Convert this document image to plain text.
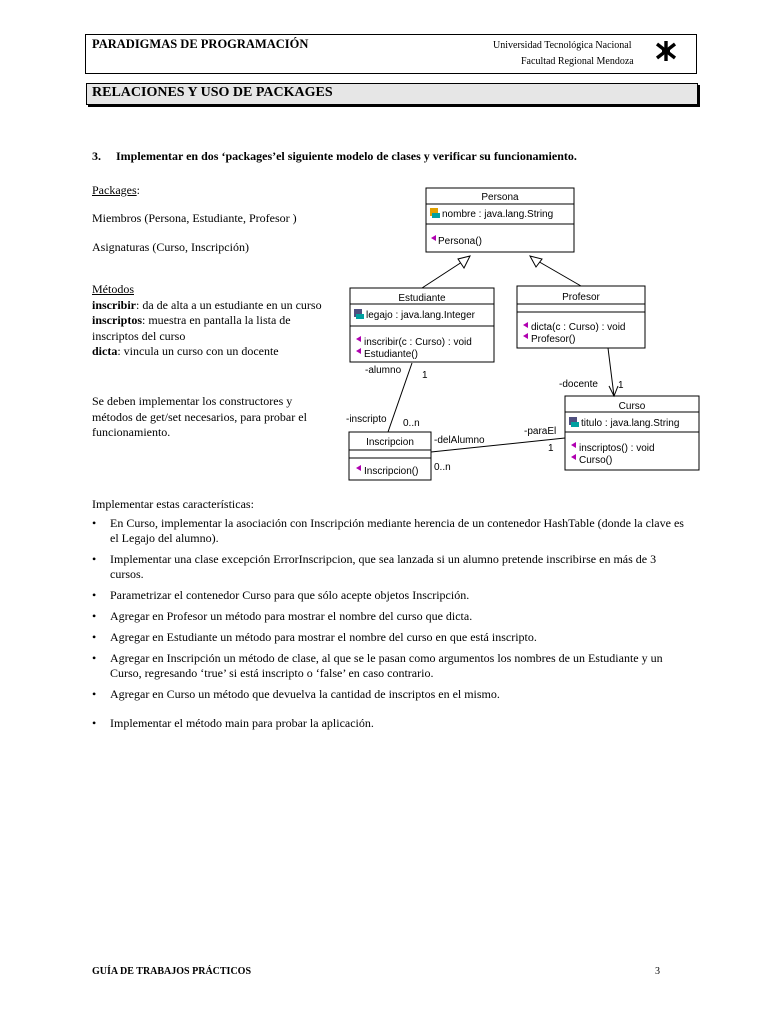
PARADIGMAS DE PROGRAMACIÓN	Universidad Tecnológica Nacional
Facultad Regional Mendoza
RELACIONES Y USO DE PACKAGES
3. Implementar en dos ‘packages’el siguiente modelo de clases y verificar su funcionamiento.
Packages:
Miembros (Persona, Estudiante, Profesor )
Asignaturas (Curso, Inscripción)
Métodos
inscribir: da de alta a un estudiante en un curso
inscriptos: muestra en pantalla la lista de inscriptos del curso
dicta: vincula un curso con un docente
Se deben implementar los constructores y métodos de get/set necesarios, para probar el funcionamiento.
Persona
nombre : java.lang.String
Persona()
Estudiante
legajo : java.lang.Integer
inscribir(c : Curso) : void
Estudiante()
Profesor
dicta(c : Curso) : void
Profesor()
Curso
titulo : java.lang.String
inscriptos() : void
Curso()
Inscripcion
Inscripcion()
-alumno 1
-inscripto 0..n
-docente 1
-delAlumno
0..n
-paraEl
1
Implementar estas características:
• En Curso, implementar la asociación con Inscripción mediante herencia de un contenedor HashTable (donde la clave es el Legajo del alumno).
• Implementar una clase excepción ErrorInscripcion, que sea lanzada si un alumno pretende inscribirse en más de 3 cursos.
• Parametrizar el contenedor Curso para que sólo acepte objetos Inscripción.
• Agregar en Profesor un método para mostrar el nombre del curso que dicta.
• Agregar en Estudiante un método para mostrar el nombre del curso en que está inscripto.
• Agregar en Inscripción un método de clase, al que se le pasan como argumentos los nombres de un Estudiante y un Curso, regresando ‘true’ si está inscripto o ‘false’ en caso contrario.
• Agregar en Curso un método que devuelva la cantidad de inscriptos en el mismo.
• Implementar el método main para probar la aplicación.
GUÍA DE TRABAJOS PRÁCTICOS	3
